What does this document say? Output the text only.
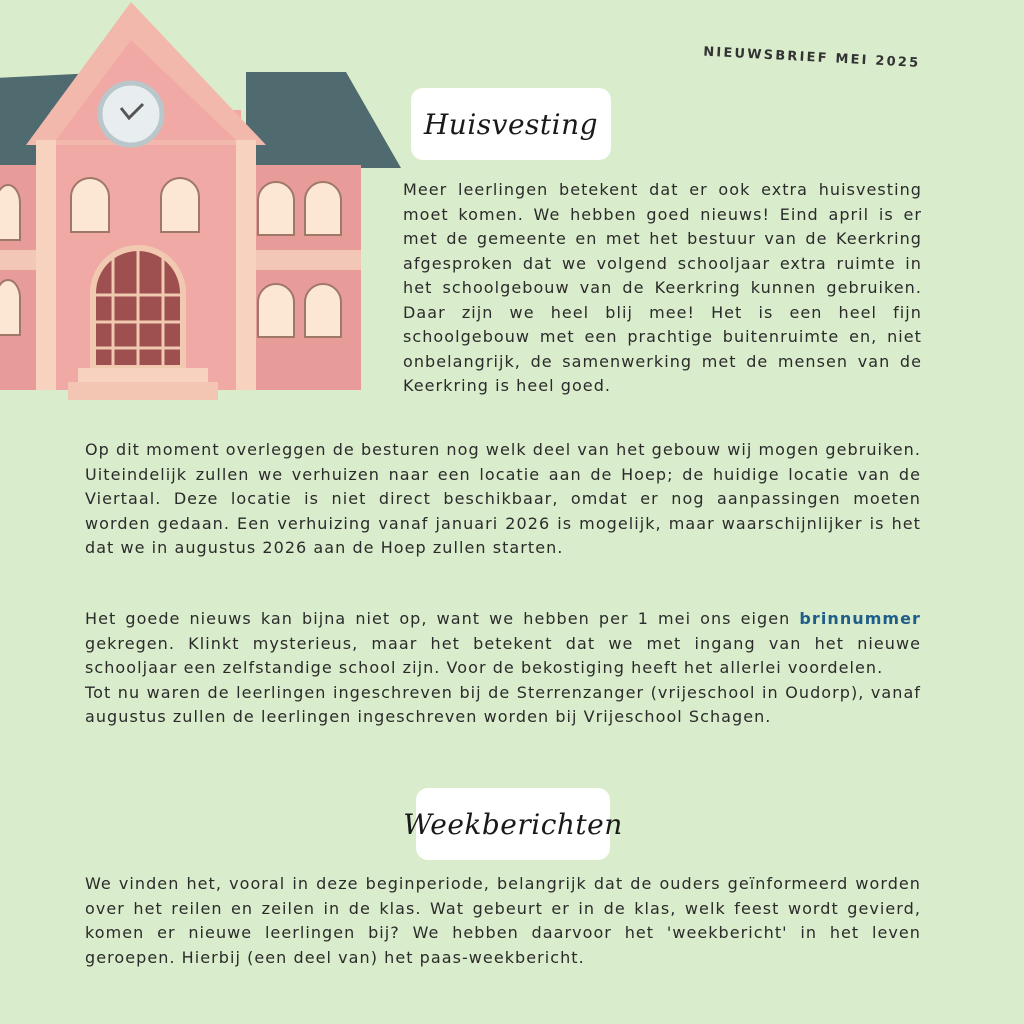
NIEUWSBRIEF MEI 2025
Huisvesting

Meer leerlingen betekent dat er ook extra huisvesting moet komen. We hebben goed nieuws! Eind april is er met de gemeente en met het bestuur van de Keerkring afgesproken dat we volgend schooljaar extra ruimte in het schoolgebouw van de Keerkring kunnen gebruiken. Daar zijn we heel blij mee! Het is een heel fijn schoolgebouw met een prachtige buitenruimte en, niet onbelangrijk, de samenwerking met de mensen van de Keerkring is heel goed.

Op dit moment overleggen de besturen nog welk deel van het gebouw wij mogen gebruiken.
Uiteindelijk zullen we verhuizen naar een locatie aan de Hoep; de huidige locatie van de Viertaal. Deze locatie is niet direct beschikbaar, omdat er nog aanpassingen moeten worden gedaan. Een verhuizing vanaf januari 2026 is mogelijk, maar waarschijnlijker is het dat we in augustus 2026 aan de Hoep zullen starten.
Het goede nieuws kan bijna niet op, want we hebben per 1 mei ons eigen brinnummer gekregen. Klinkt mysterieus, maar het betekent dat we met ingang van het nieuwe schooljaar een zelfstandige school zijn. Voor de bekostiging heeft het allerlei voordelen.
Tot nu waren de leerlingen ingeschreven bij de Sterrenzanger (vrijeschool in Oudorp), vanaf augustus zullen de leerlingen ingeschreven worden bij Vrijeschool Schagen.
Weekberichten

We vinden het, vooral in deze beginperiode, belangrijk dat de ouders geïnformeerd worden over het reilen en zeilen in de klas. Wat gebeurt er in de klas, welk feest wordt gevierd, komen er nieuwe leerlingen bij? We hebben daarvoor het 'weekbericht' in het leven geroepen. Hierbij (een deel van) het paas-weekbericht.
